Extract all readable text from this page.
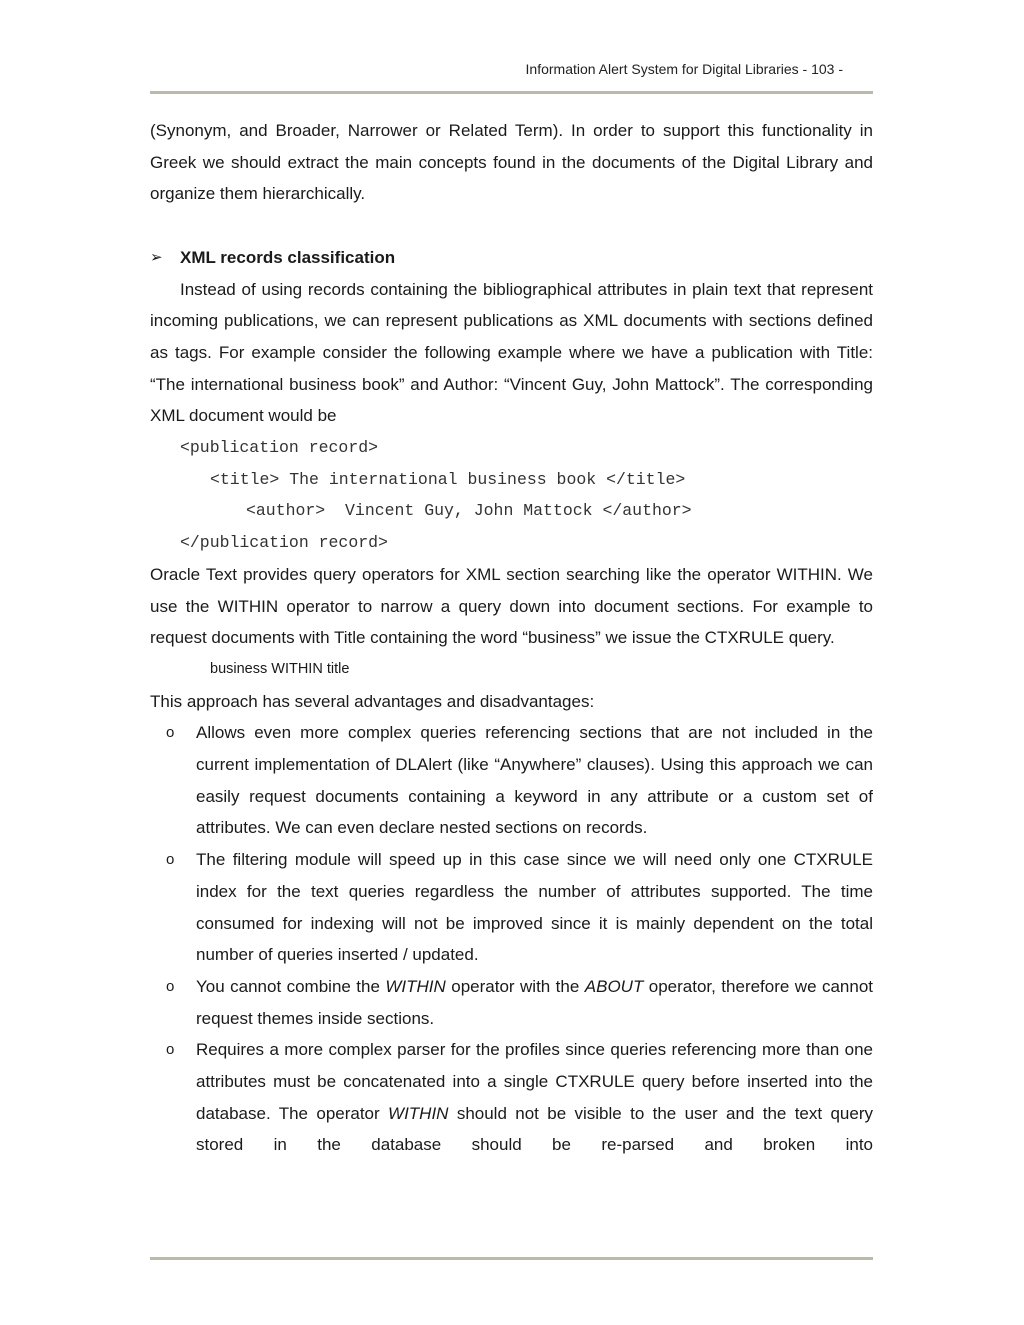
Information Alert System for Digital Libraries - 103 -

(Synonym, and Broader, Narrower or Related Term). In order to support this functionality in Greek we should extract the main concepts found in the documents of the Digital Library and organize them hierarchically.

➢ XML records classification

Instead of using records containing the bibliographical attributes in plain text that represent incoming publications, we can represent publications as XML documents with sections defined as tags. For example consider the following example where we have a publication with Title: “The international business book” and Author: “Vincent Guy, John Mattock”. The corresponding XML document would be

<publication record>

<title> The international business book </title>

<author>  Vincent Guy, John Mattock </author>

</publication record>

Oracle Text provides query operators for XML section searching like the operator WITHIN. We use the WITHIN operator to narrow a query down into document sections. For example to request documents with Title containing the word “business” we issue the CTXRULE query.

business WITHIN title

This approach has several advantages and disadvantages:

o Allows even more complex queries referencing sections that are not included in the current implementation of DLAlert (like “Anywhere” clauses). Using this approach we can easily request documents containing a keyword in any attribute or a custom set of attributes. We can even declare nested sections on records.
o The filtering module will speed up in this case since we will need only one CTXRULE index for the text queries regardless the number of attributes supported. The time consumed for indexing will not be improved since it is mainly dependent on the total number of queries inserted / updated.
o You cannot combine the WITHIN operator with the ABOUT operator, therefore we cannot request themes inside sections.
o Requires a more complex parser for the profiles since queries referencing more than one attributes must be concatenated into a single CTXRULE query before inserted into the database. The operator WITHIN should not be visible to the user and the text query stored in the database should be re-parsed and broken into
